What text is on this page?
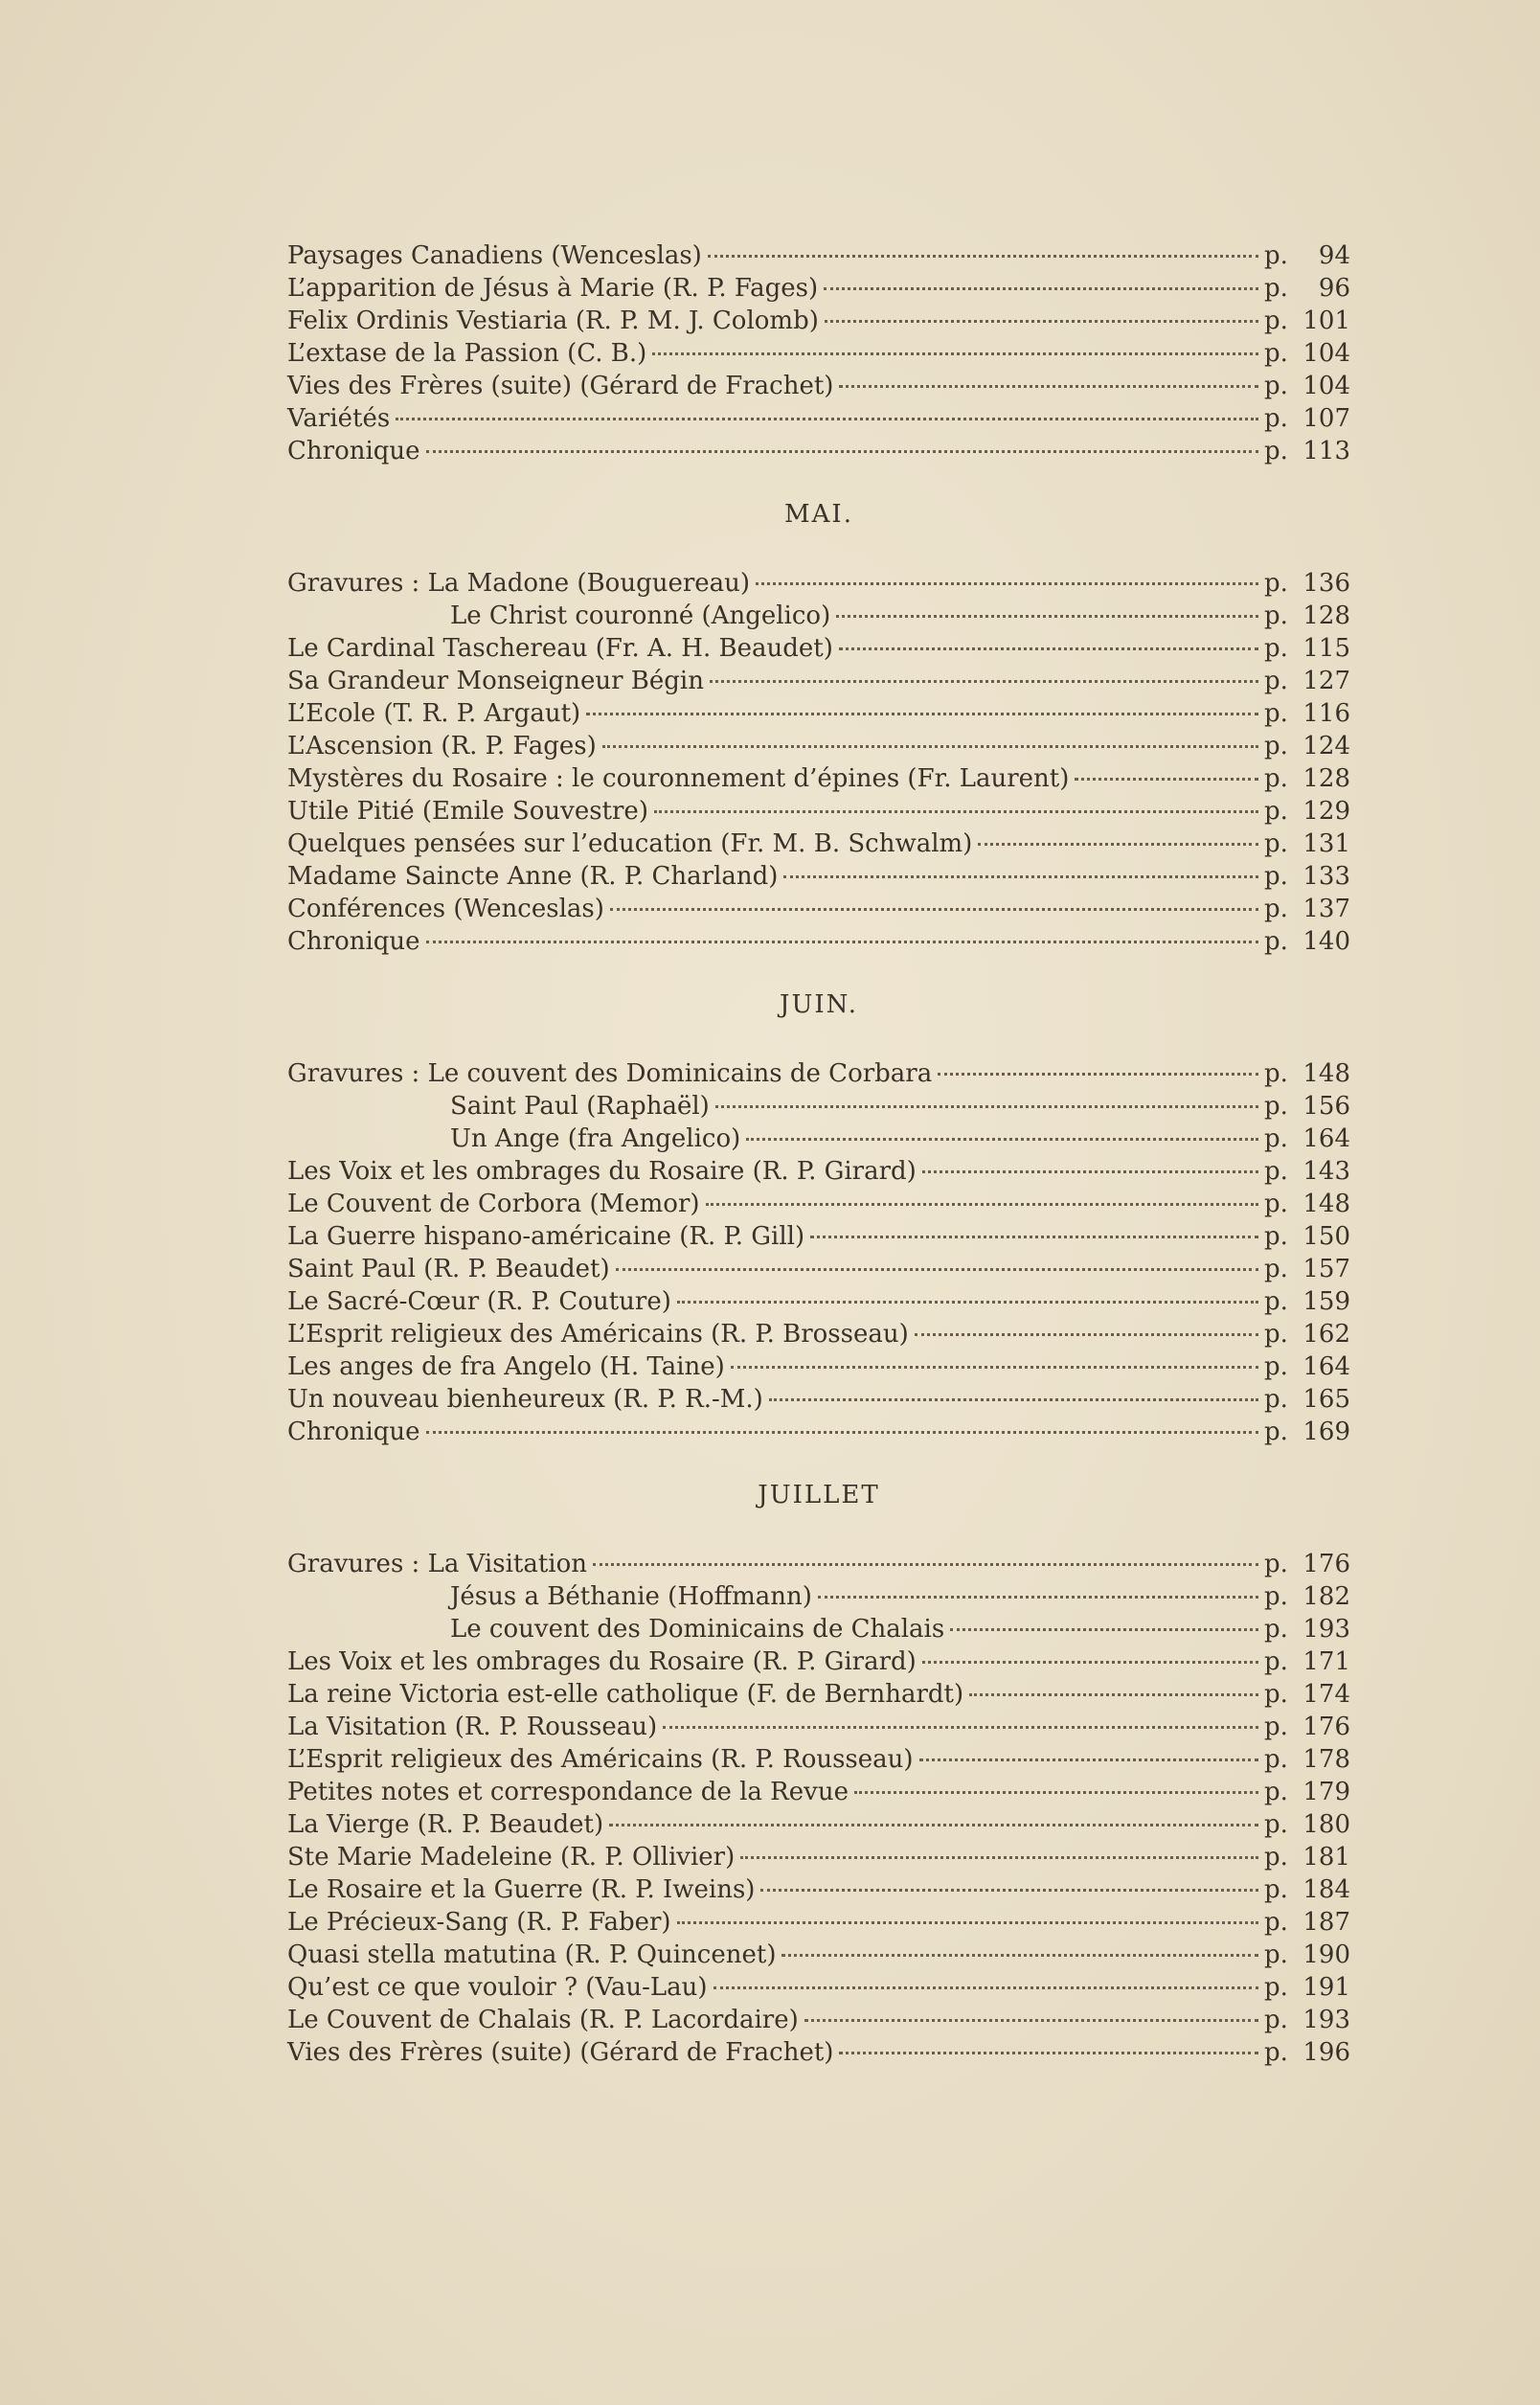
Paysages Canadiens (Wenceslas)	p.	94
L’apparition de Jésus à Marie (R. P. Fages)	p.	96
Felix Ordinis Vestiaria (R. P. M. J. Colomb)	p. 101
L’extase de la Passion (C. B.)	p. 104
Vies des Frères (suite) (Gérard de Frachet)	p. 104
Variétés	p. 107
Chronique	p. 113
MAI.
Gravures : La Madone (Bouguereau)	p. 136
Le Christ couronné (Angelico)	p. 128
Le Cardinal Taschereau (Fr. A. H. Beaudet)	p. 115
Sa Grandeur Monseigneur Bégin	p. 127
L’Ecole (T. R. P. Argaut)	p. 116
L’Ascension (R. P. Fages)	p. 124
Mystères du Rosaire : le couronnement d’épines (Fr. Laurent)	p. 128
Utile Pitié (Emile Souvestre)	p. 129
Quelques pensées sur l’education (Fr. M. B. Schwalm)	p. 131
Madame Saincte Anne (R. P. Charland)	p. 133
Conférences (Wenceslas)	p. 137
Chronique	p. 140
JUIN.
Gravures : Le couvent des Dominicains de Corbara	p. 148
Saint Paul (Raphaël)	p. 156
Un Ange (fra Angelico)	p. 164
Les Voix et les ombrages du Rosaire (R. P. Girard)	p. 143
Le Couvent de Corbora (Memor)	p. 148
La Guerre hispano-américaine (R. P. Gill)	p. 150
Saint Paul (R. P. Beaudet)	p. 157
Le Sacré-Cœur (R. P. Couture)	p. 159
L’Esprit religieux des Américains (R. P. Brosseau)	p. 162
Les anges de fra Angelo (H. Taine)	p. 164
Un nouveau bienheureux (R. P. R.-M.)	p. 165
Chronique	p. 169
JUILLET
Gravures : La Visitation	p. 176
Jésus a Béthanie (Hoffmann)	p. 182
Le couvent des Dominicains de Chalais	p. 193
Les Voix et les ombrages du Rosaire (R. P. Girard)	p. 171
La reine Victoria est-elle catholique (F. de Bernhardt)	p. 174
La Visitation (R. P. Rousseau)	p. 176
L’Esprit religieux des Américains (R. P. Rousseau)	p. 178
Petites notes et correspondance de la Revue	p. 179
La Vierge (R. P. Beaudet)	p. 180
Ste Marie Madeleine (R. P. Ollivier)	p. 181
Le Rosaire et la Guerre (R. P. Iweins)	p. 184
Le Précieux-Sang (R. P. Faber)	p. 187
Quasi stella matutina (R. P. Quincenet)	p. 190
Qu’est ce que vouloir ? (Vau-Lau)	p. 191
Le Couvent de Chalais (R. P. Lacordaire)	p. 193
Vies des Frères (suite) (Gérard de Frachet)	p. 196
